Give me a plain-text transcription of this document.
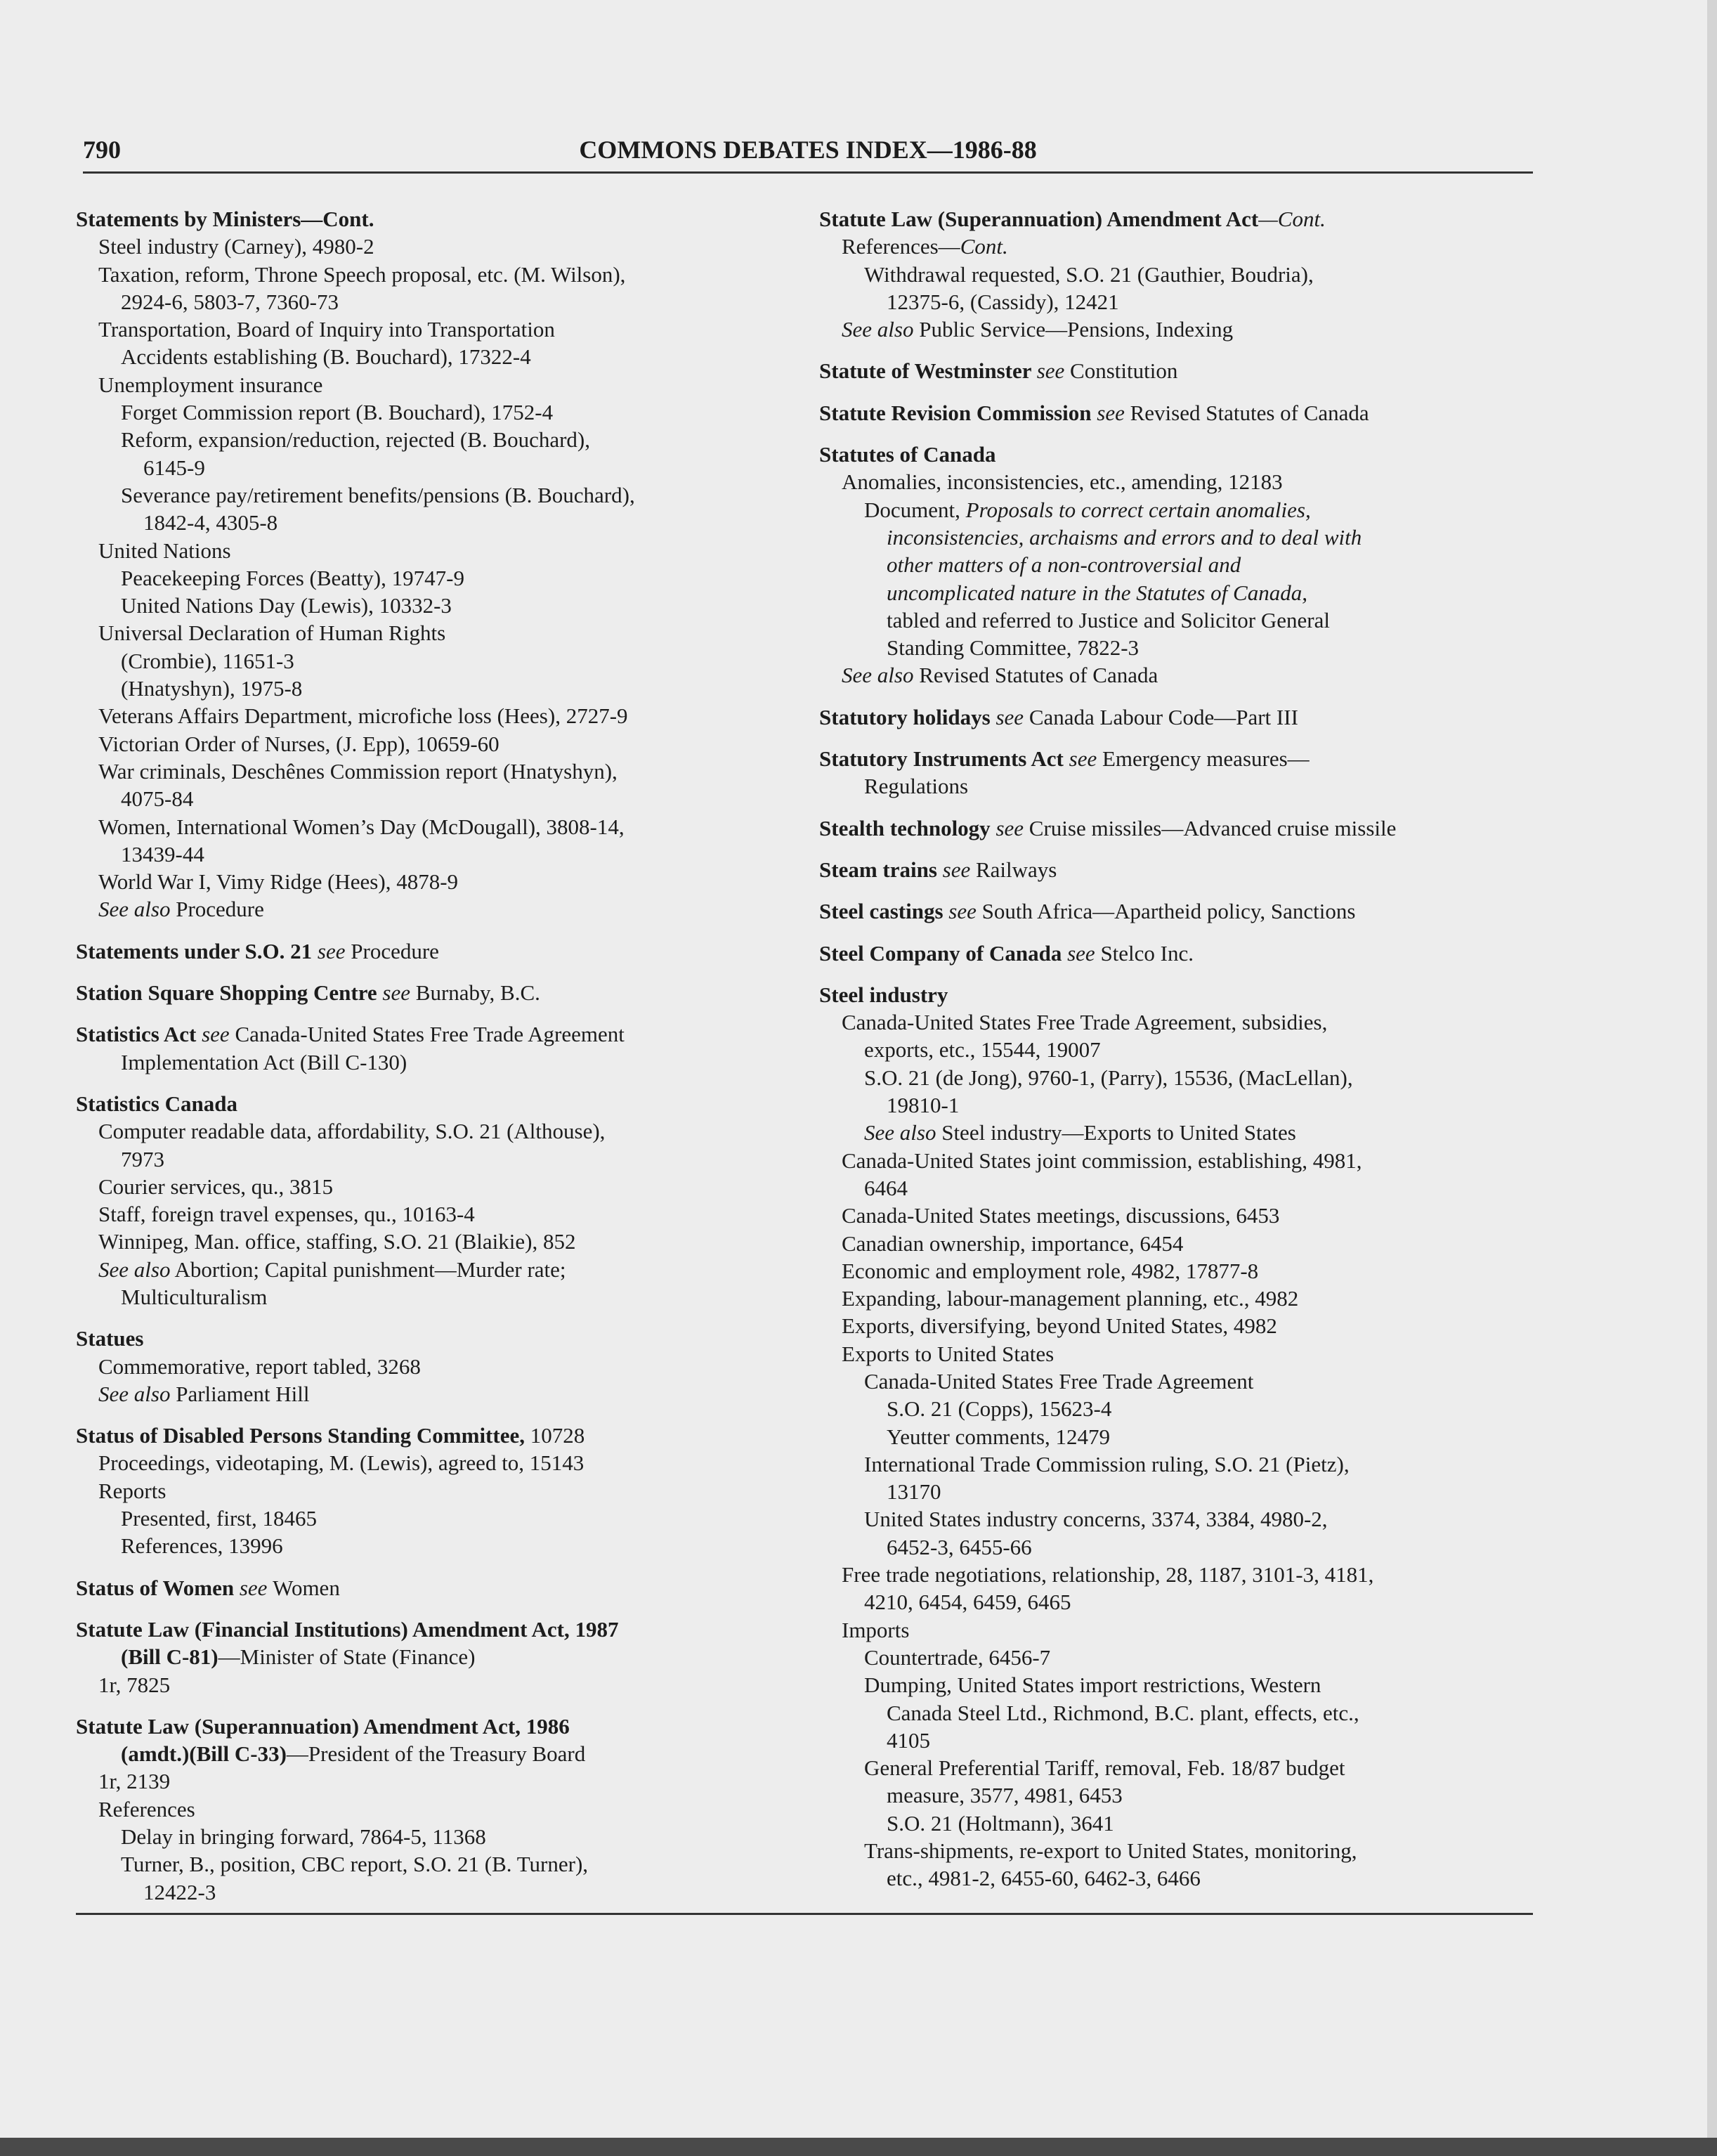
790	COMMONS DEBATES INDEX—1986-88
Statements by Ministers—Cont.
Steel industry (Carney), 4980-2
Taxation, reform, Throne Speech proposal, etc. (M. Wilson),
2924-6, 5803-7, 7360-73
Transportation, Board of Inquiry into Transportation
Accidents establishing (B. Bouchard), 17322-4
Unemployment insurance
Forget Commission report (B. Bouchard), 1752-4
Reform, expansion/reduction, rejected (B. Bouchard),
6145-9
Severance pay/retirement benefits/pensions (B. Bouchard),
1842-4, 4305-8
United Nations
Peacekeeping Forces (Beatty), 19747-9
United Nations Day (Lewis), 10332-3
Universal Declaration of Human Rights
(Crombie), 11651-3
(Hnatyshyn), 1975-8
Veterans Affairs Department, microfiche loss (Hees), 2727-9
Victorian Order of Nurses, (J. Epp), 10659-60
War criminals, Deschênes Commission report (Hnatyshyn),
4075-84
Women, International Women’s Day (McDougall), 3808-14,
13439-44
World War I, Vimy Ridge (Hees), 4878-9
See also Procedure
Statements under S.O. 21 see Procedure
Station Square Shopping Centre see Burnaby, B.C.
Statistics Act see Canada-United States Free Trade Agreement
Implementation Act (Bill C-130)
Statistics Canada
Computer readable data, affordability, S.O. 21 (Althouse),
7973
Courier services, qu., 3815
Staff, foreign travel expenses, qu., 10163-4
Winnipeg, Man. office, staffing, S.O. 21 (Blaikie), 852
See also Abortion; Capital punishment—Murder rate;
Multiculturalism
Statues
Commemorative, report tabled, 3268
See also Parliament Hill
Status of Disabled Persons Standing Committee, 10728
Proceedings, videotaping, M. (Lewis), agreed to, 15143
Reports
Presented, first, 18465
References, 13996
Status of Women see Women
Statute Law (Financial Institutions) Amendment Act, 1987
(Bill C-81)—Minister of State (Finance)
1r, 7825
Statute Law (Superannuation) Amendment Act, 1986
(amdt.)(Bill C-33)—President of the Treasury Board
1r, 2139
References
Delay in bringing forward, 7864-5, 11368
Turner, B., position, CBC report, S.O. 21 (B. Turner),
12422-3
Statute Law (Superannuation) Amendment Act—Cont.
References—Cont.
Withdrawal requested, S.O. 21 (Gauthier, Boudria),
12375-6, (Cassidy), 12421
See also Public Service—Pensions, Indexing
Statute of Westminster see Constitution
Statute Revision Commission see Revised Statutes of Canada
Statutes of Canada
Anomalies, inconsistencies, etc., amending, 12183
Document, Proposals to correct certain anomalies,
inconsistencies, archaisms and errors and to deal with
other matters of a non-controversial and
uncomplicated nature in the Statutes of Canada,
tabled and referred to Justice and Solicitor General
Standing Committee, 7822-3
See also Revised Statutes of Canada
Statutory holidays see Canada Labour Code—Part III
Statutory Instruments Act see Emergency measures—
Regulations
Stealth technology see Cruise missiles—Advanced cruise missile
Steam trains see Railways
Steel castings see South Africa—Apartheid policy, Sanctions
Steel Company of Canada see Stelco Inc.
Steel industry
Canada-United States Free Trade Agreement, subsidies,
exports, etc., 15544, 19007
S.O. 21 (de Jong), 9760-1, (Parry), 15536, (MacLellan),
19810-1
See also Steel industry—Exports to United States
Canada-United States joint commission, establishing, 4981,
6464
Canada-United States meetings, discussions, 6453
Canadian ownership, importance, 6454
Economic and employment role, 4982, 17877-8
Expanding, labour-management planning, etc., 4982
Exports, diversifying, beyond United States, 4982
Exports to United States
Canada-United States Free Trade Agreement
S.O. 21 (Copps), 15623-4
Yeutter comments, 12479
International Trade Commission ruling, S.O. 21 (Pietz),
13170
United States industry concerns, 3374, 3384, 4980-2,
6452-3, 6455-66
Free trade negotiations, relationship, 28, 1187, 3101-3, 4181,
4210, 6454, 6459, 6465
Imports
Countertrade, 6456-7
Dumping, United States import restrictions, Western
Canada Steel Ltd., Richmond, B.C. plant, effects, etc.,
4105
General Preferential Tariff, removal, Feb. 18/87 budget
measure, 3577, 4981, 6453
S.O. 21 (Holtmann), 3641
Trans-shipments, re-export to United States, monitoring,
etc., 4981-2, 6455-60, 6462-3, 6466
